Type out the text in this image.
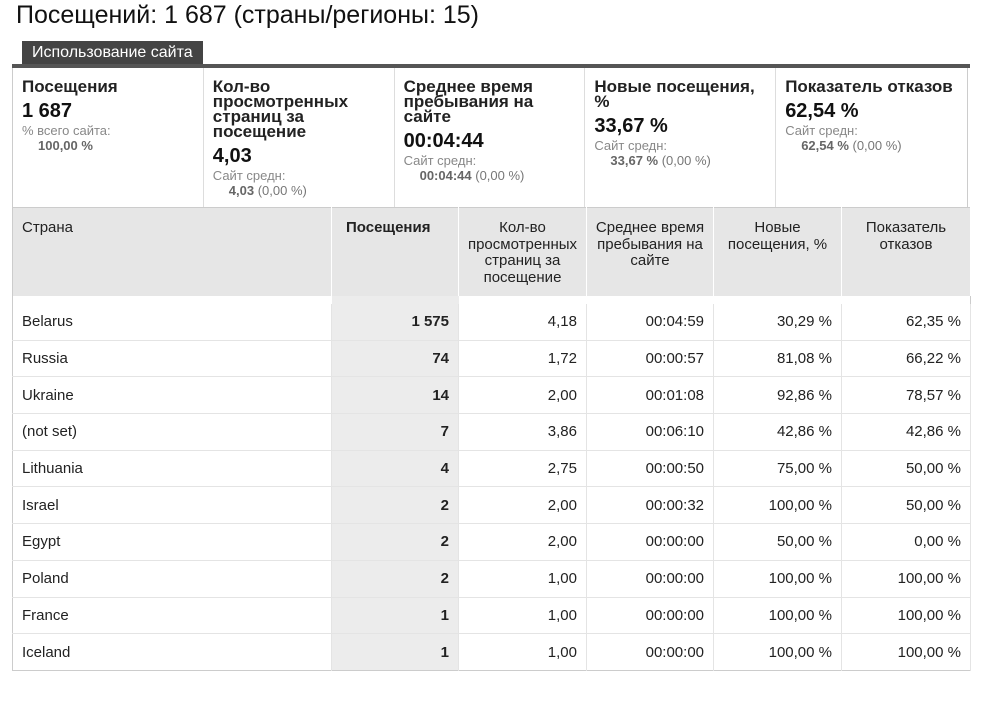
Посещений: 1 687 (страны/регионы: 15)
Использование сайта
Посещения
1 687
% всего сайта:
100,00 %
Кол-во просмотренных страниц за посещение
4,03
Сайт средн:
4,03 (0,00 %)
Среднее время пребывания на сайте
00:04:44
Сайт средн:
00:04:44 (0,00 %)
Новые посещения, %
33,67 %
Сайт средн:
33,67 % (0,00 %)
Показатель отказов
62,54 %
Сайт средн:
62,54 % (0,00 %)
Страна	Посещения	Кол-во просмотренных страниц за посещение	Среднее время пребывания на сайте	Новые посещения, %	Показатель отказов

Belarus	1 575	4,18	00:04:59	30,29 %	62,35 %
Russia	74	1,72	00:00:57	81,08 %	66,22 %
Ukraine	14	2,00	00:01:08	92,86 %	78,57 %
(not set)	7	3,86	00:06:10	42,86 %	42,86 %
Lithuania	4	2,75	00:00:50	75,00 %	50,00 %
Israel	2	2,00	00:00:32	100,00 %	50,00 %
Egypt	2	2,00	00:00:00	50,00 %	0,00 %
Poland	2	1,00	00:00:00	100,00 %	100,00 %
France	1	1,00	00:00:00	100,00 %	100,00 %
Iceland	1	1,00	00:00:00	100,00 %	100,00 %
